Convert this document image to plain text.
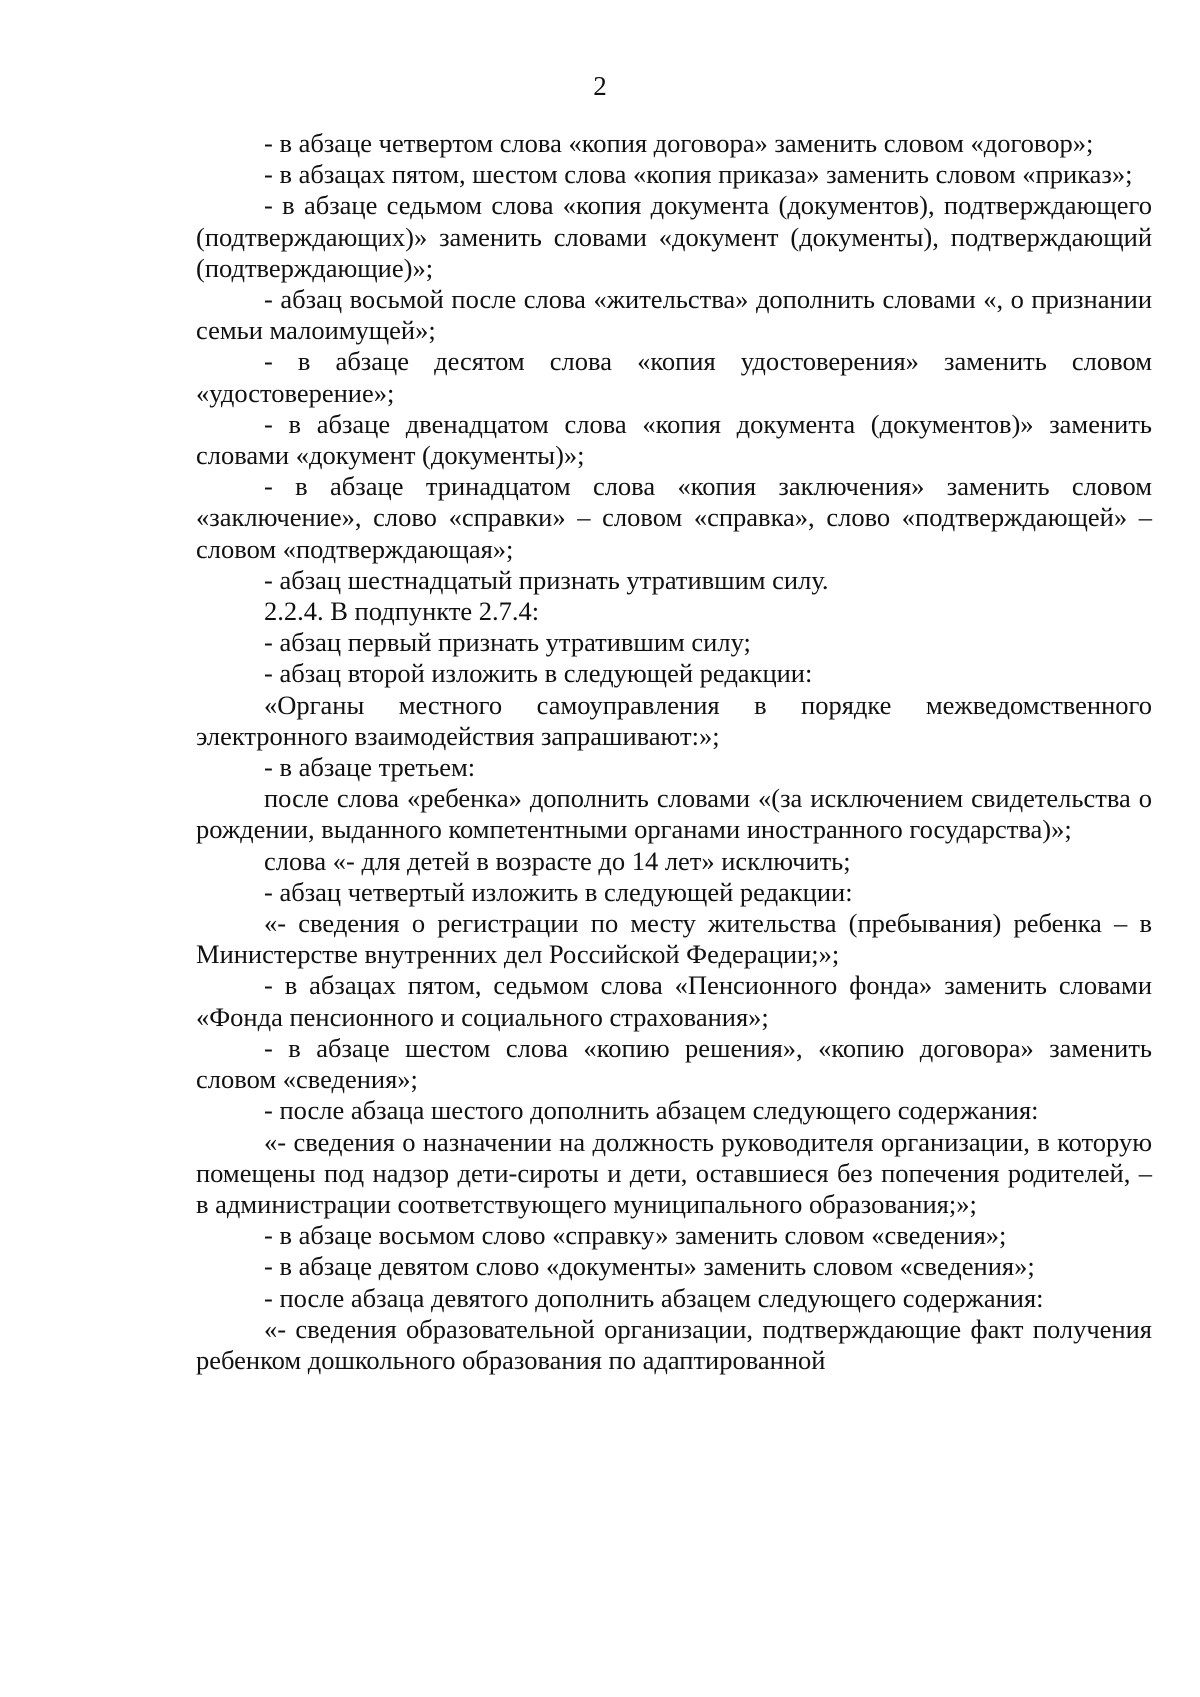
2

- в абзаце четвертом слова «копия договора» заменить словом «договор»;

- в абзацах пятом, шестом слова «копия приказа» заменить словом «приказ»;

- в абзаце седьмом слова «копия документа (документов), подтверждающего (подтверждающих)» заменить словами «документ (документы), подтверждающий (подтверждающие)»;

- абзац восьмой после слова «жительства» дополнить словами «, о признании семьи малоимущей»;

- в абзаце десятом слова «копия удостоверения» заменить словом «удостоверение»;

- в абзаце двенадцатом слова «копия документа (документов)» заменить словами «документ (документы)»;

- в абзаце тринадцатом слова «копия заключения» заменить словом «заключение», слово «справки» – словом «справка», слово «подтверждающей» – словом «подтверждающая»;

- абзац шестнадцатый признать утратившим силу.

2.2.4. В подпункте 2.7.4:

- абзац первый признать утратившим силу;

- абзац второй изложить в следующей редакции:

«Органы местного самоуправления в порядке межведомственного электронного взаимодействия запрашивают:»;

- в абзаце третьем:

после слова «ребенка» дополнить словами «(за исключением свидетельства о рождении, выданного компетентными органами иностранного государства)»;

слова «- для детей в возрасте до 14 лет» исключить;

- абзац четвертый изложить в следующей редакции:

«- сведения о регистрации по месту жительства (пребывания) ребенка – в Министерстве внутренних дел Российской Федерации;»;

- в абзацах пятом, седьмом слова «Пенсионного фонда» заменить словами «Фонда пенсионного и социального страхования»;

- в абзаце шестом слова «копию решения», «копию договора» заменить словом «сведения»;

- после абзаца шестого дополнить абзацем следующего содержания:

«- сведения о назначении на должность руководителя организации, в которую помещены под надзор дети-сироты и дети, оставшиеся без попечения родителей, – в администрации соответствующего муниципального образования;»;

- в абзаце восьмом слово «справку» заменить словом «сведения»;

- в абзаце девятом слово «документы» заменить словом «сведения»;

- после абзаца девятого дополнить абзацем следующего содержания:

«- сведения образовательной организации, подтверждающие факт получения ребенком дошкольного образования по адаптированной
